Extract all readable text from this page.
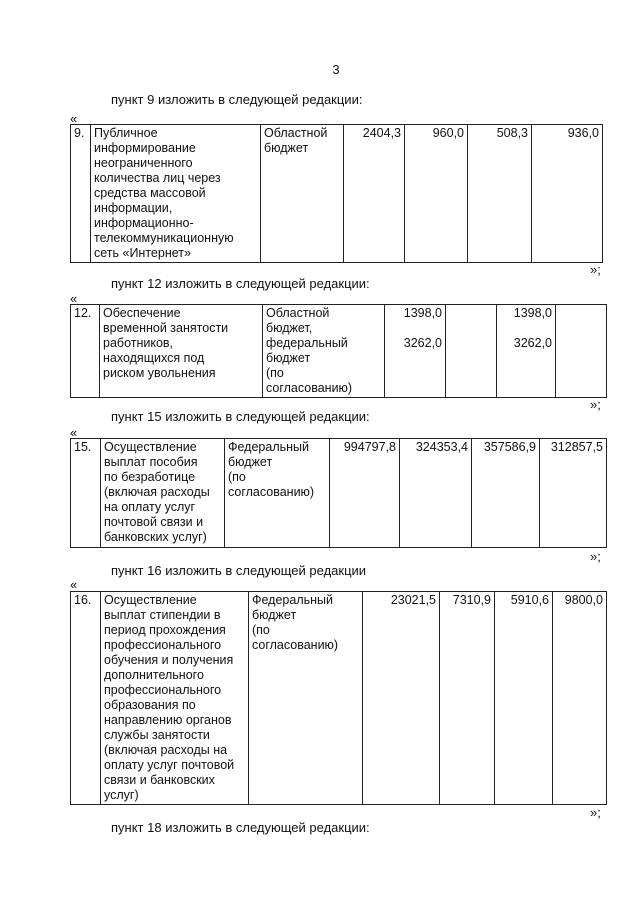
3
пункт 9 изложить в следующей редакции:
«
9.	Публичное
информирование
неограниченного
количества лиц через
средства массовой
информации,
информационно-
телекоммуникационную
сеть «Интернет»	Областной
бюджет	2404,3	960,0	508,3	936,0
»;
пункт 12 изложить в следующей редакции:
«
12.	Обеспечение
временной занятости
работников,
находящихся под
риском увольнения	Областной
бюджет,
федеральный
бюджет
(по
согласованию)	1398,0

3262,0		1398,0

3262,0	
»;
пункт 15 изложить в следующей редакции:
«
15.	Осуществление
выплат пособия
по безработице
(включая расходы
на оплату услуг
почтовой связи и
банковских услуг)	Федеральный
бюджет
(по
согласованию)	994797,8	324353,4	357586,9	312857,5
»;
пункт 16 изложить в следующей редакции
«
16.	Осуществление
выплат стипендии в
период прохождения
профессионального
обучения и получения
дополнительного
профессионального
образования по
направлению органов
службы занятости
(включая расходы на
оплату услуг почтовой
связи и банковских
услуг)	Федеральный
бюджет
(по
согласованию)	23021,5	7310,9	5910,6	9800,0
»;
пункт 18 изложить в следующей редакции:
